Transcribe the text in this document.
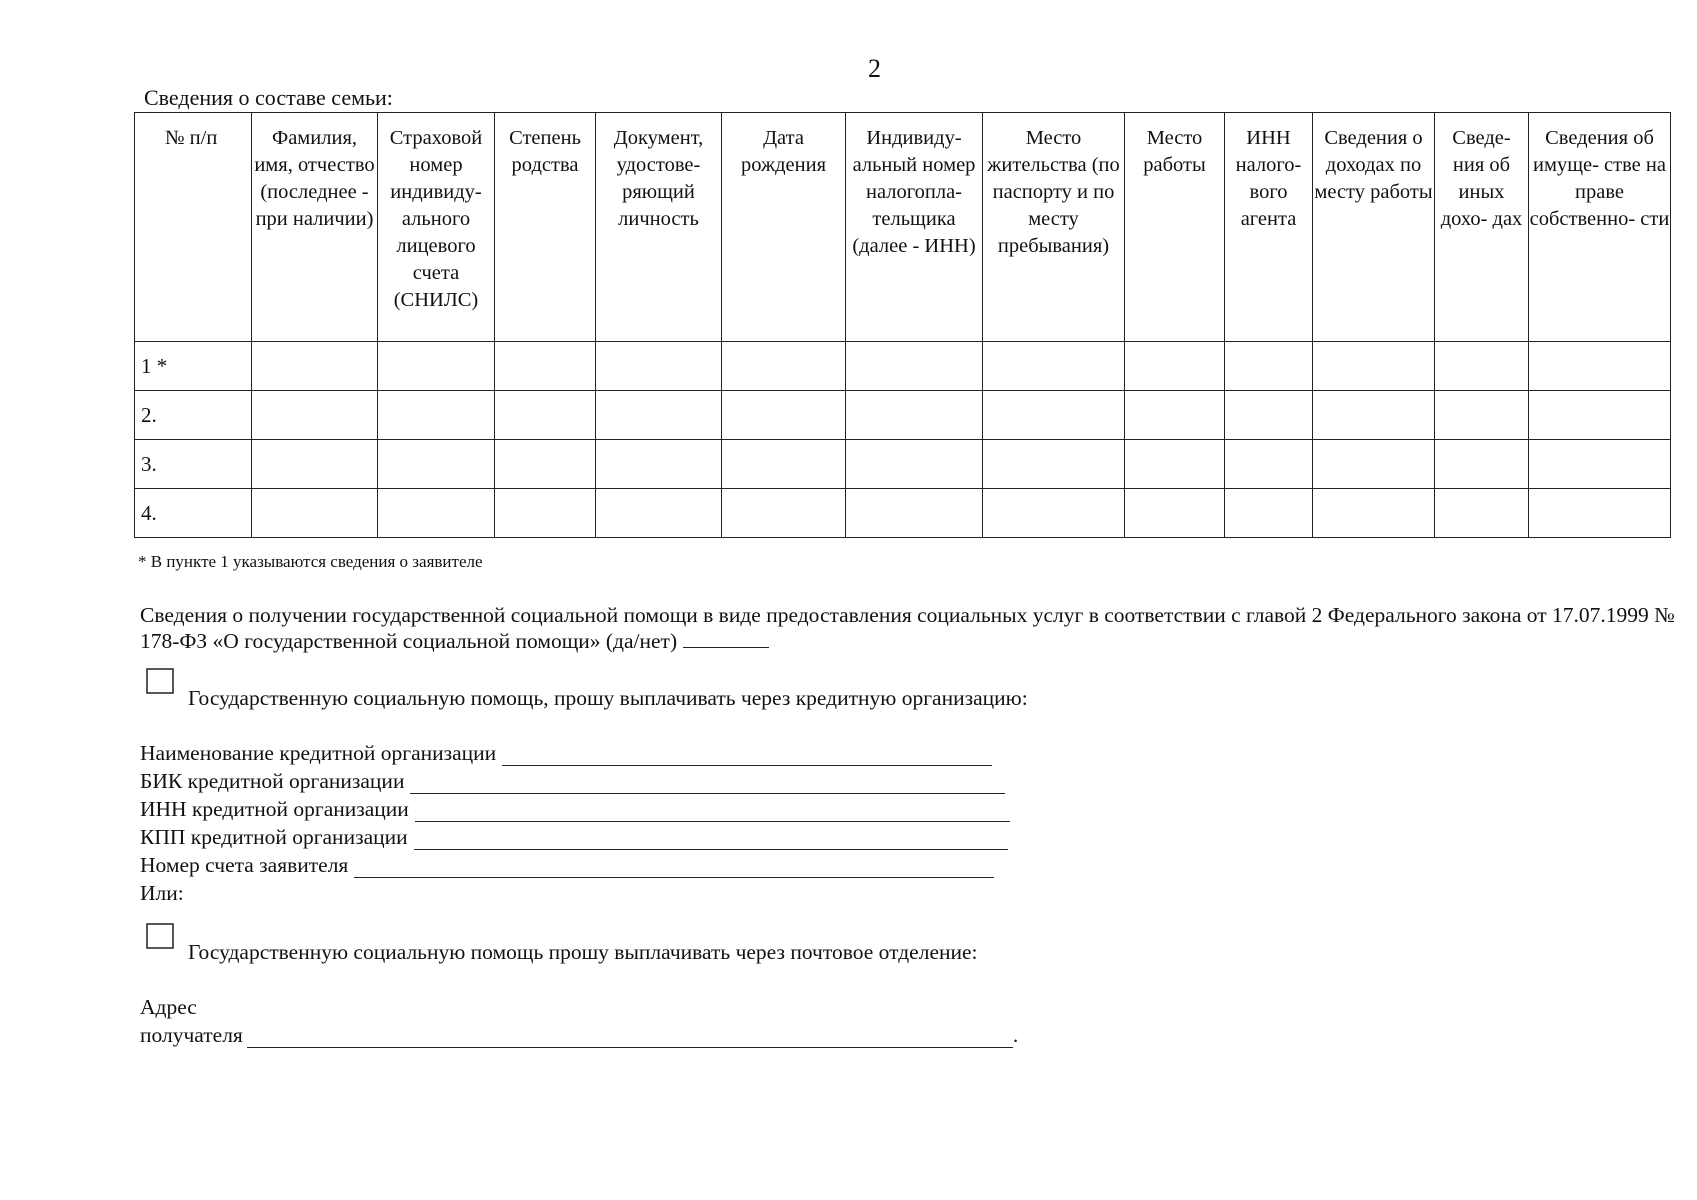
2
Сведения о составе семьи:
№ п/п	Фамилия, имя, отчество (последнее - при наличии)	Страховой номер индивиду- ального лицевого счета (СНИЛС)	Степень родства	Документ, удостове- ряющий личность	Дата рождения	Индивиду- альный номер налогопла- тельщика (далее - ИНН)	Место жительства (по паспорту и по месту пребывания)	Место работы	ИНН налого- вого агента	Сведения о доходах по месту работы	Сведе- ния об иных дохо- дах	Сведения об имуще- стве на праве собственно- сти
1 *												
2.												
3.												
4.												
* В пункте 1 указываются сведения о заявителе
Сведения о получении государственной социальной помощи в виде предоставления социальных услуг в соответствии с главой 2 Федерального закона от 17.07.1999 № 178-ФЗ «О государственной социальной помощи» (да/нет)
Государственную социальную помощь, прошу выплачивать через кредитную организацию:
Наименование кредитной организации
БИК кредитной организации
ИНН кредитной организации
КПП кредитной организации
Номер счета заявителя
Или:
Государственную социальную помощь прошу выплачивать через почтовое отделение:
Адрес
получателя	.
